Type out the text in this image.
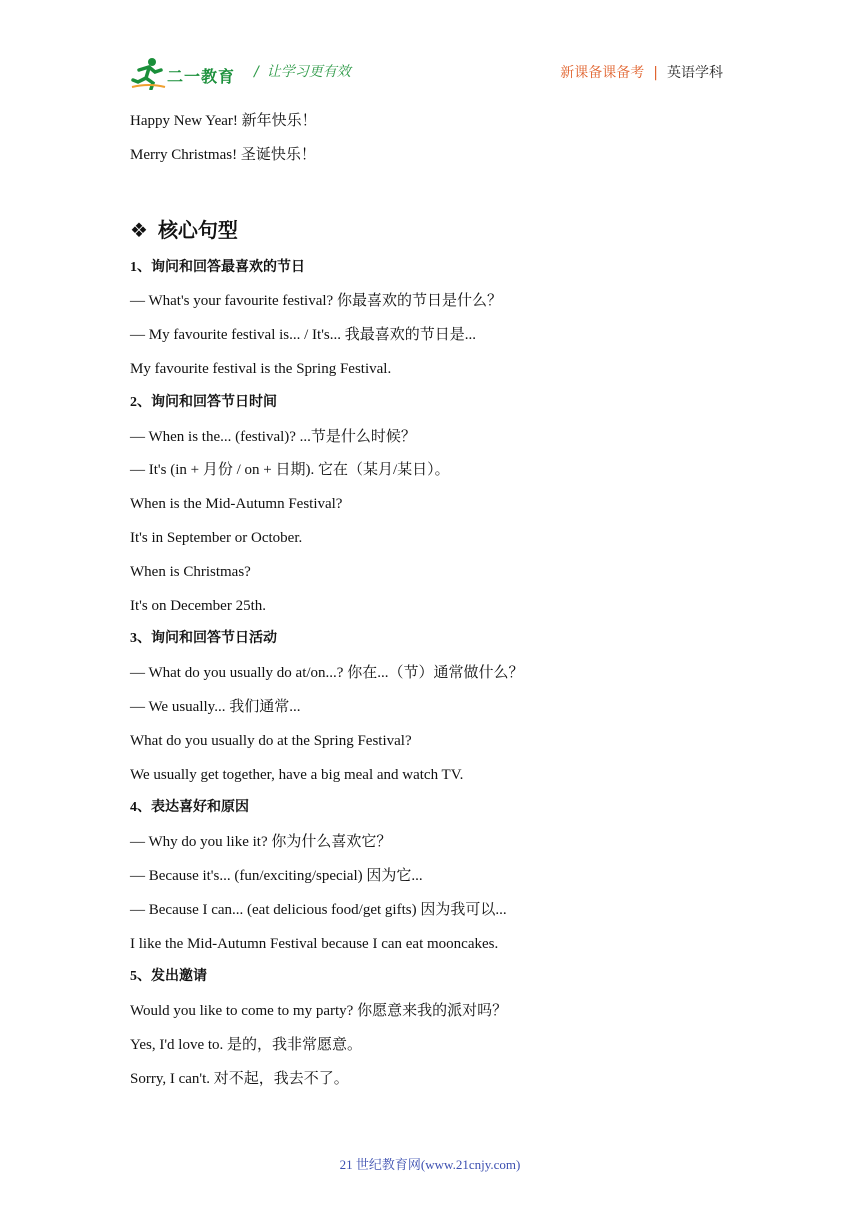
二一教育 / 让学习更有效	新课备课备考 | 英语学科
Happy New Year! 新年快乐！
Merry Christmas! 圣诞快乐！
❖ 核心句型
1、询问和回答最喜欢的节日
— What's your favourite festival? 你最喜欢的节日是什么？
— My favourite festival is... / It's... 我最喜欢的节日是...
My favourite festival is the Spring Festival.
2、询问和回答节日时间
— When is the... (festival)? ...节是什么时候？
— It's (in + 月份 / on + 日期). 它在（某月/某日）。
When is the Mid-Autumn Festival?
It's in September or October.
When is Christmas?
It's on December 25th.
3、询问和回答节日活动
— What do you usually do at/on...? 你在...（节）通常做什么？
— We usually... 我们通常...
What do you usually do at the Spring Festival?
We usually get together, have a big meal and watch TV.
4、表达喜好和原因
— Why do you like it? 你为什么喜欢它？
— Because it's... (fun/exciting/special) 因为它...
— Because I can... (eat delicious food/get gifts) 因为我可以...
I like the Mid-Autumn Festival because I can eat mooncakes.
5、发出邀请
Would you like to come to my party? 你愿意来我的派对吗？
Yes, I'd love to. 是的，我非常愿意。
Sorry, I can't. 对不起，我去不了。
21 世纪教育网(www.21cnjy.com)
